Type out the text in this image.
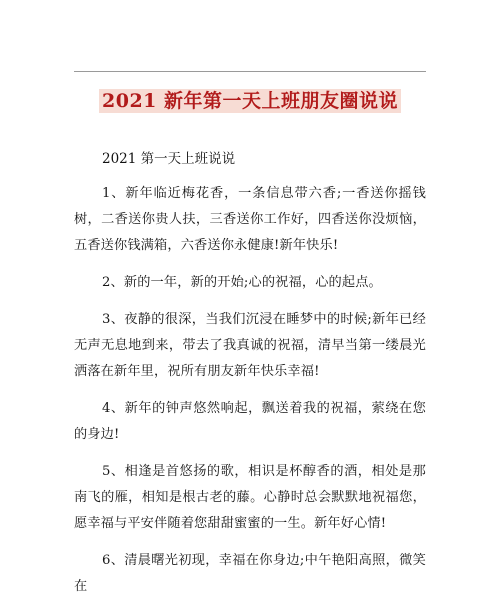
2021 新年第一天上班朋友圈说说
2021 第一天上班说说

1、新年临近梅花香，一条信息带六香;一香送你摇钱树，二香送你贵人扶，三香送你工作好，四香送你没烦恼，五香送你钱满箱，六香送你永健康!新年快乐!

2、新的一年，新的开始;心的祝福，心的起点。

3、夜静的很深，当我们沉浸在睡梦中的时候;新年已经无声无息地到来，带去了我真诚的祝福，清早当第一缕晨光洒落在新年里，祝所有朋友新年快乐幸福!

4、新年的钟声悠然响起，飘送着我的祝福，萦绕在您的身边!

5、相逢是首悠扬的歌，相识是杯醇香的酒，相处是那南飞的雁，相知是根古老的藤。心静时总会默默地祝福您，愿幸福与平安伴随着您甜甜蜜蜜的一生。新年好心情!

6、清晨曙光初现，幸福在你身边;中午艳阳高照，微笑在
